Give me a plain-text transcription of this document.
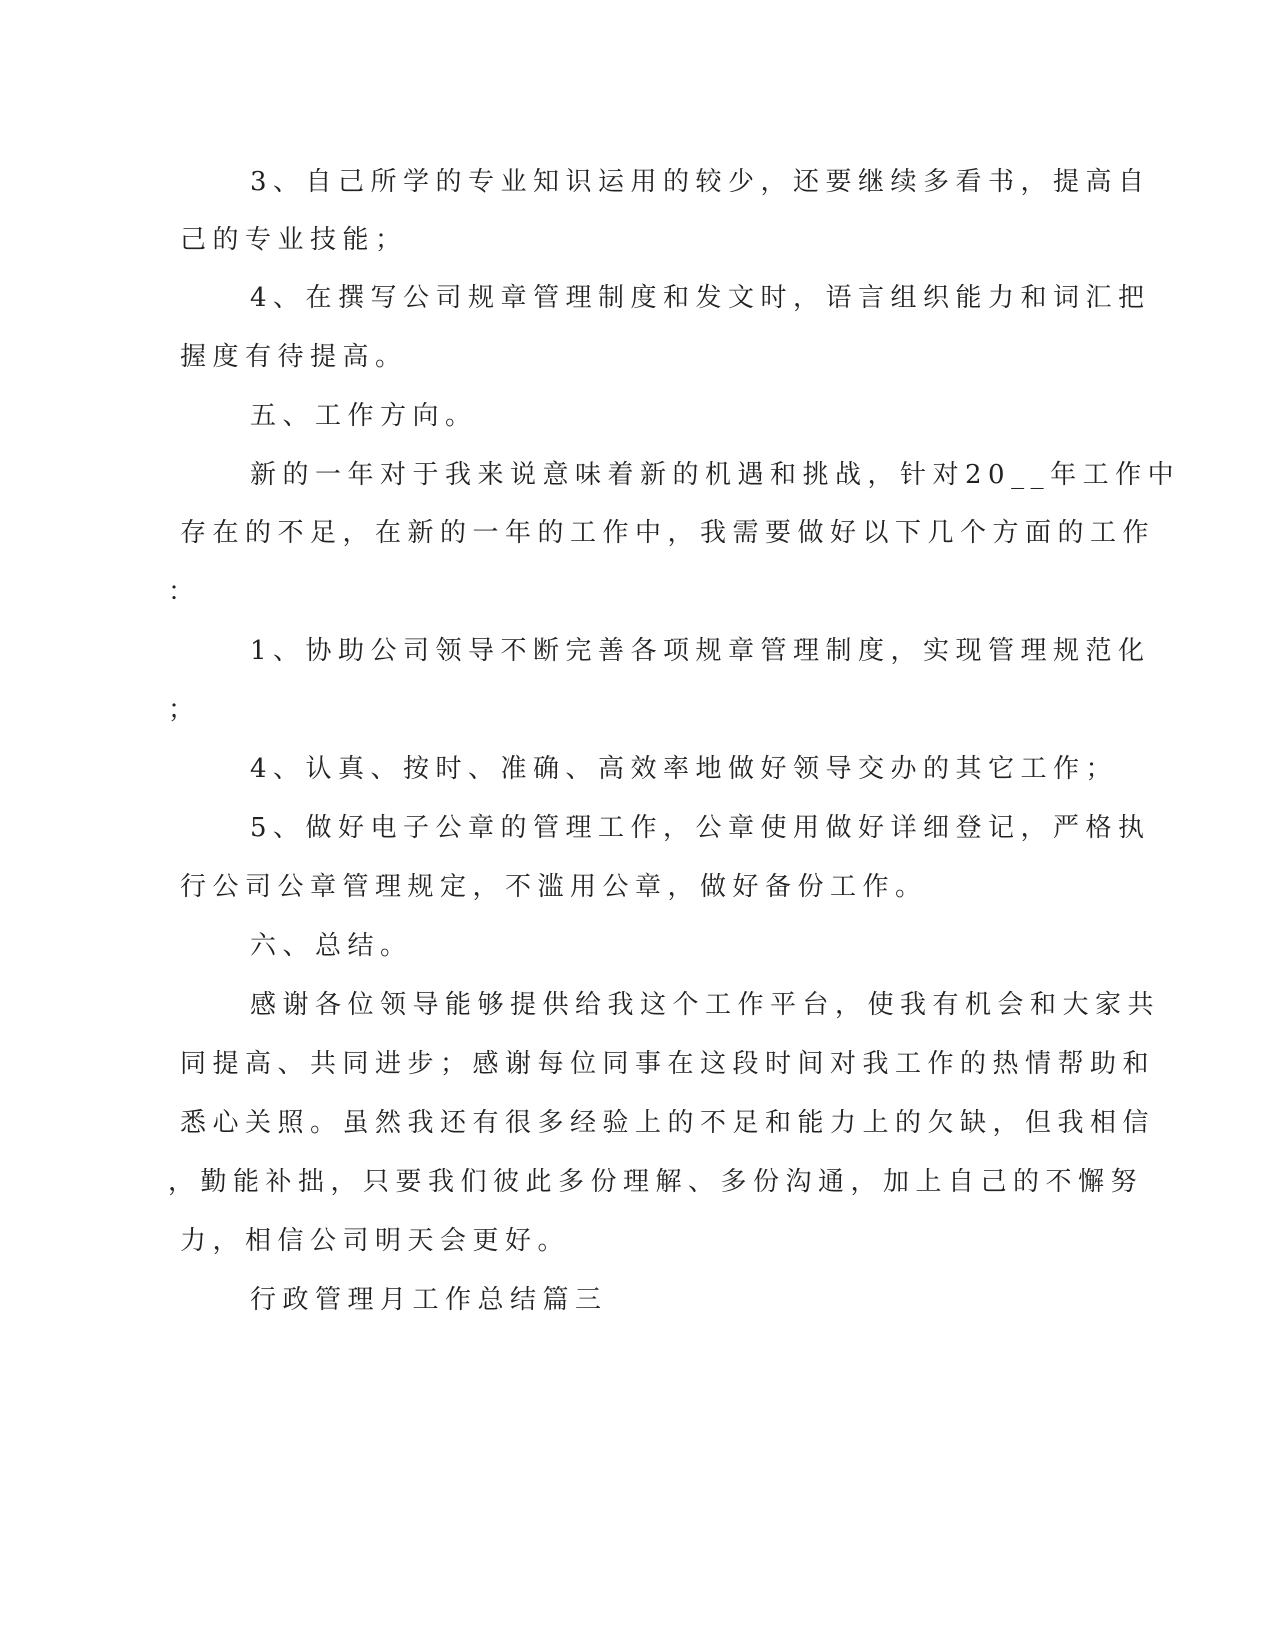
3、自己所学的专业知识运用的较少，还要继续多看书，提高自

己的专业技能；

4、在撰写公司规章管理制度和发文时，语言组织能力和词汇把

握度有待提高。

五、工作方向。

新的一年对于我来说意味着新的机遇和挑战，针对20__年工作中

存在的不足，在新的一年的工作中，我需要做好以下几个方面的工作

：

1、协助公司领导不断完善各项规章管理制度，实现管理规范化

；

4、认真、按时、准确、高效率地做好领导交办的其它工作；

5、做好电子公章的管理工作，公章使用做好详细登记，严格执

行公司公章管理规定，不滥用公章，做好备份工作。

六、总结。

感谢各位领导能够提供给我这个工作平台，使我有机会和大家共

同提高、共同进步；感谢每位同事在这段时间对我工作的热情帮助和

悉心关照。虽然我还有很多经验上的不足和能力上的欠缺，但我相信

，勤能补拙，只要我们彼此多份理解、多份沟通，加上自己的不懈努

力，相信公司明天会更好。

行政管理月工作总结篇三
